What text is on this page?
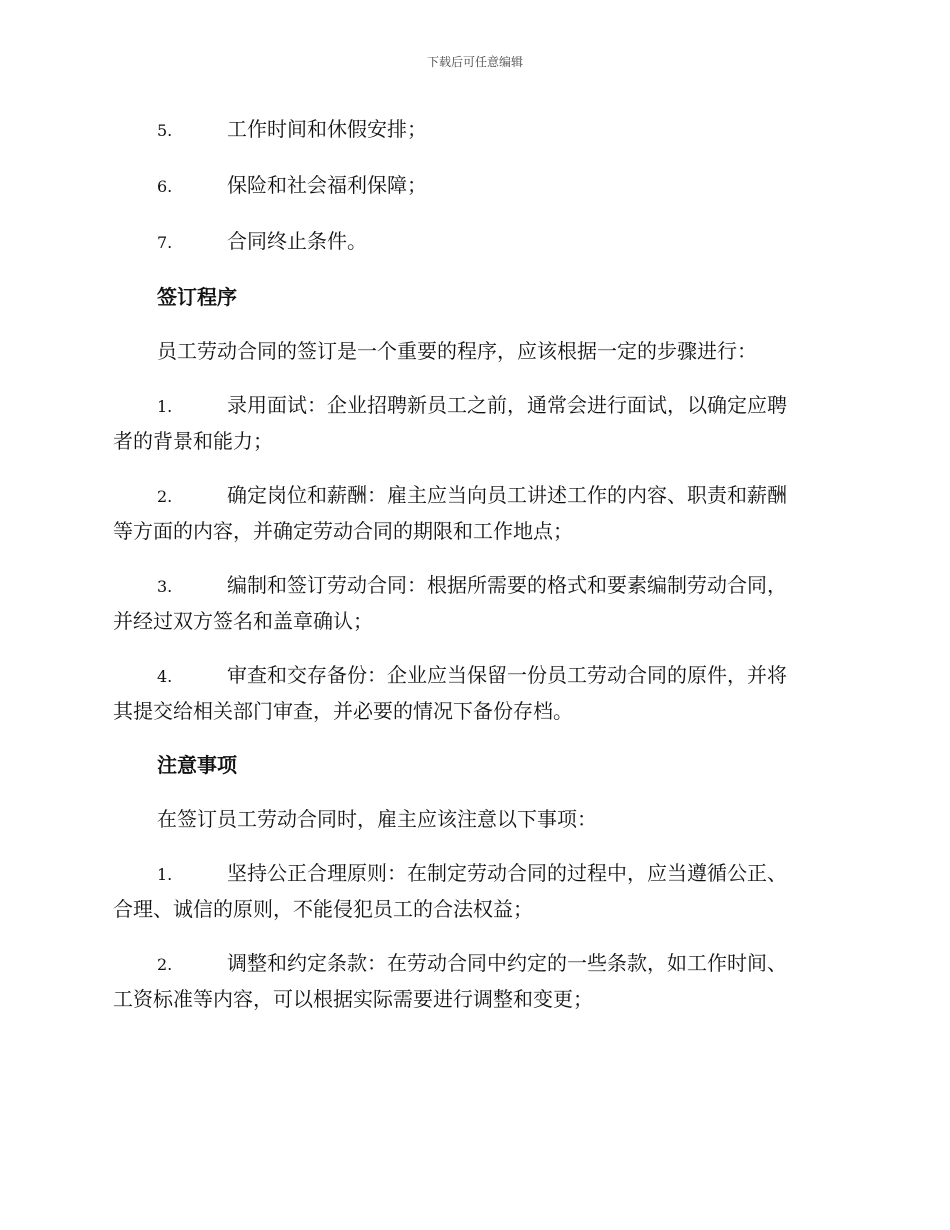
下载后可任意编辑
5.	工作时间和休假安排；
6.	保险和社会福利保障；
7.	合同终止条件。
签订程序
员工劳动合同的签订是一个重要的程序，应该根据一定的步骤进行：
1.	录用面试：企业招聘新员工之前，通常会进行面试，以确定应聘
者的背景和能力；
2.	确定岗位和薪酬：雇主应当向员工讲述工作的内容、职责和薪酬
等方面的内容，并确定劳动合同的期限和工作地点；
3.	编制和签订劳动合同：根据所需要的格式和要素编制劳动合同，
并经过双方签名和盖章确认；
4.	审查和交存备份：企业应当保留一份员工劳动合同的原件，并将
其提交给相关部门审查，并必要的情况下备份存档。
注意事项
在签订员工劳动合同时，雇主应该注意以下事项：
1.	坚持公正合理原则：在制定劳动合同的过程中，应当遵循公正、
合理、诚信的原则，不能侵犯员工的合法权益；
2.	调整和约定条款：在劳动合同中约定的一些条款，如工作时间、
工资标准等内容，可以根据实际需要进行调整和变更；
